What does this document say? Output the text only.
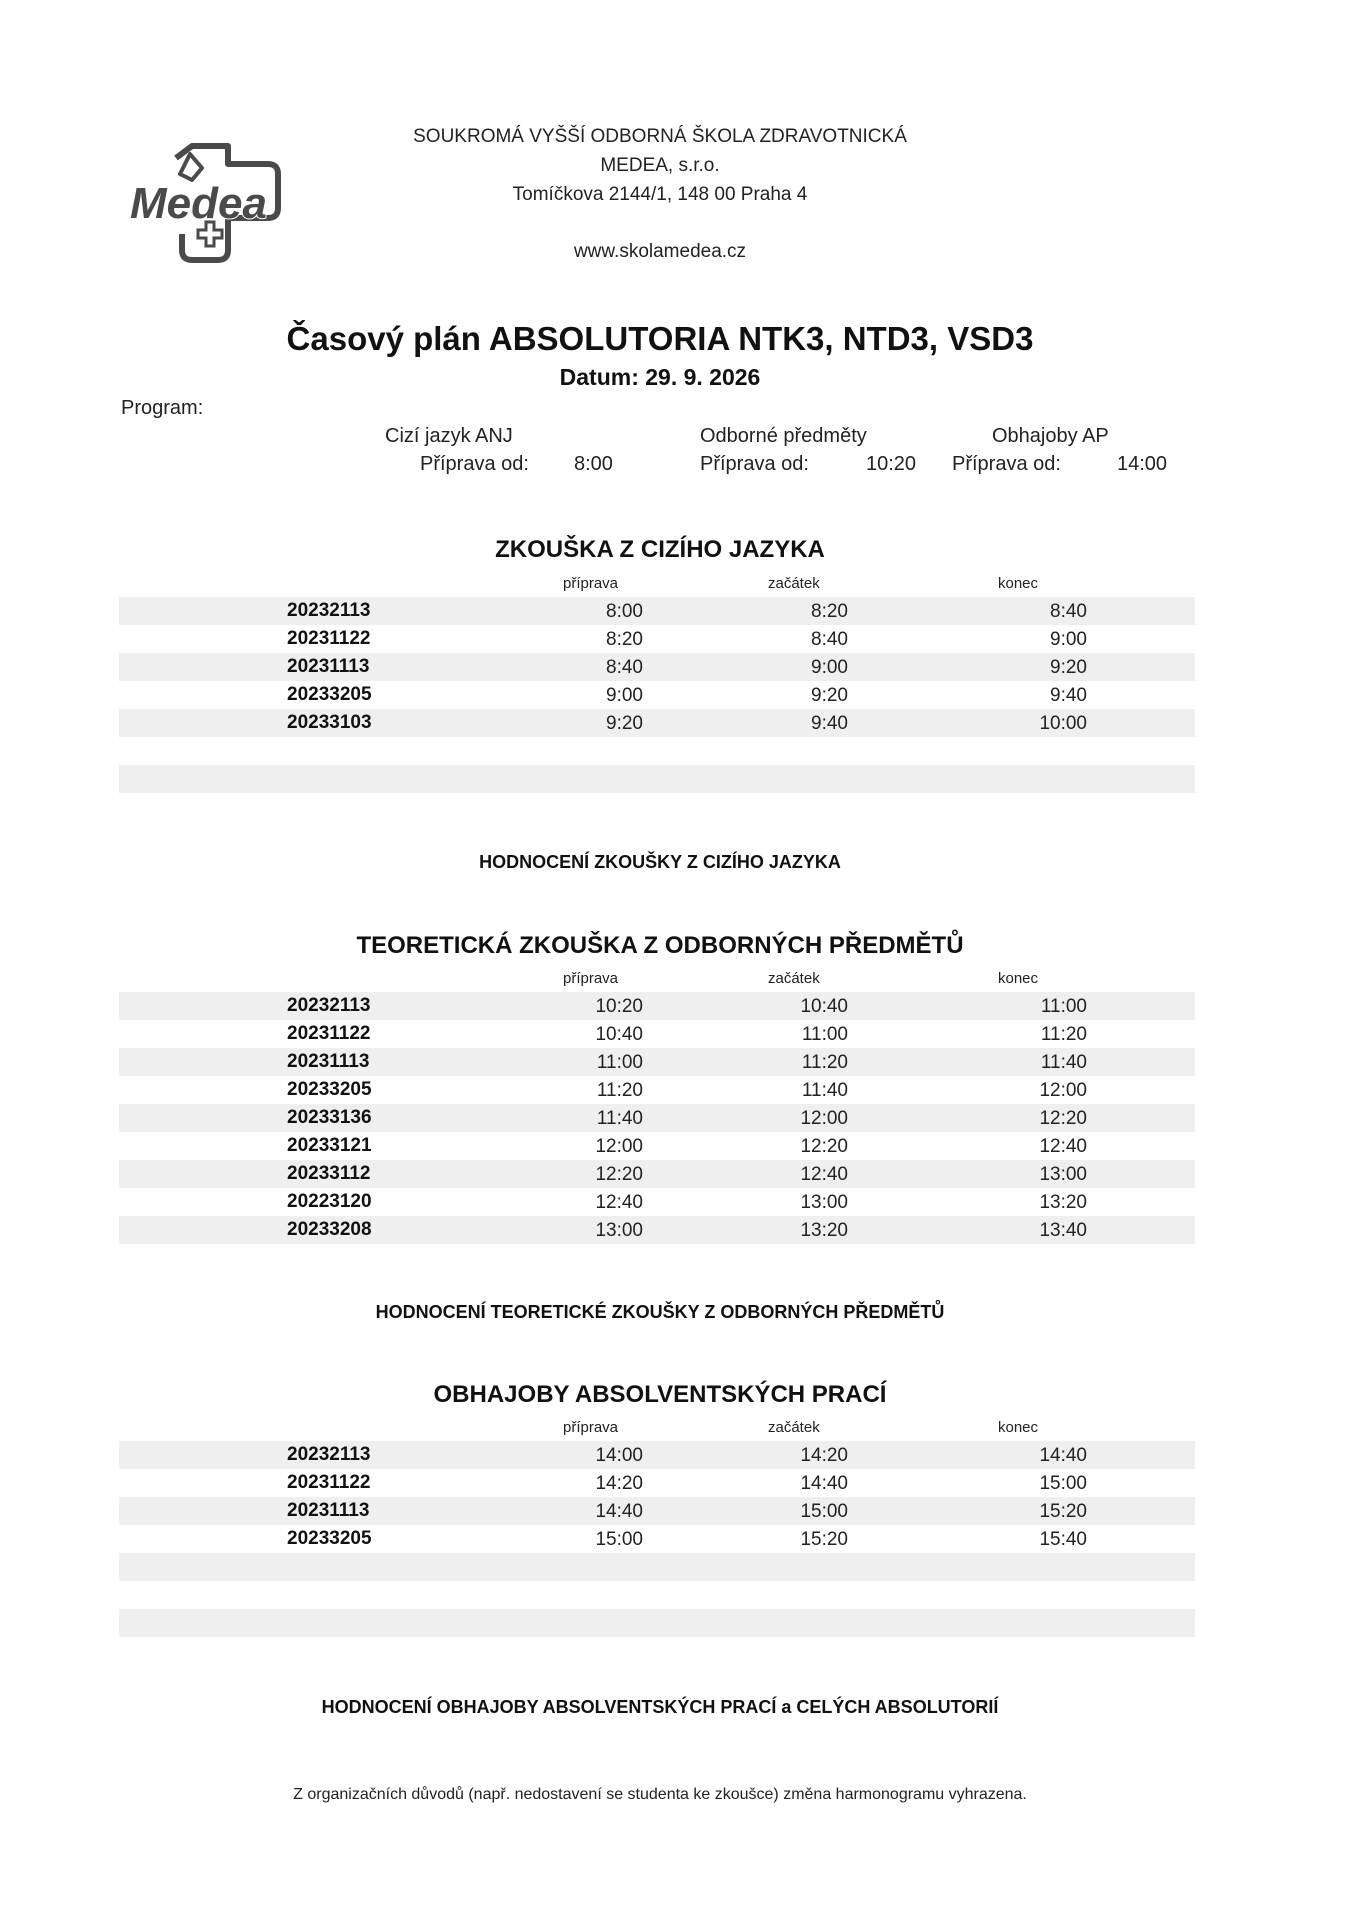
Medea
SOUKROMÁ VYŠŠÍ ODBORNÁ ŠKOLA ZDRAVOTNICKÁ
MEDEA, s.r.o.
Tomíčkova 2144/1, 148 00 Praha 4
www.skolamedea.cz
Časový plán ABSOLUTORIA NTK3, NTD3, VSD3
Datum: 29. 9. 2026
Program:
Cizí jazyk ANJ
Příprava od: 8:00
Odborné předměty
Příprava od:	10:20
Obhajoby AP
Příprava od:	14:00
ZKOUŠKA Z CIZÍHO JAZYKA
příprava	začátek	konec
20232113	8:00	8:20	8:40
20231122	8:20	8:40	9:00
20231113	8:40	9:00	9:20
20233205	9:00	9:20	9:40
20233103	9:20	9:40	10:00
HODNOCENÍ ZKOUŠKY Z CIZÍHO JAZYKA
TEORETICKÁ ZKOUŠKA Z ODBORNÝCH PŘEDMĚTŮ
příprava	začátek	konec
20232113	10:20	10:40	11:00
20231122	10:40	11:00	11:20
20231113	11:00	11:20	11:40
20233205	11:20	11:40	12:00
20233136	11:40	12:00	12:20
20233121	12:00	12:20	12:40
20233112	12:20	12:40	13:00
20223120	12:40	13:00	13:20
20233208	13:00	13:20	13:40
HODNOCENÍ TEORETICKÉ ZKOUŠKY Z ODBORNÝCH PŘEDMĚTŮ
OBHAJOBY ABSOLVENTSKÝCH PRACÍ
příprava	začátek	konec
20232113	14:00	14:20	14:40
20231122	14:20	14:40	15:00
20231113	14:40	15:00	15:20
20233205	15:00	15:20	15:40
HODNOCENÍ OBHAJOBY ABSOLVENTSKÝCH PRACÍ a CELÝCH ABSOLUTORIÍ
Z organizačních důvodů (např. nedostavení se studenta ke zkoušce) změna harmonogramu vyhrazena.
